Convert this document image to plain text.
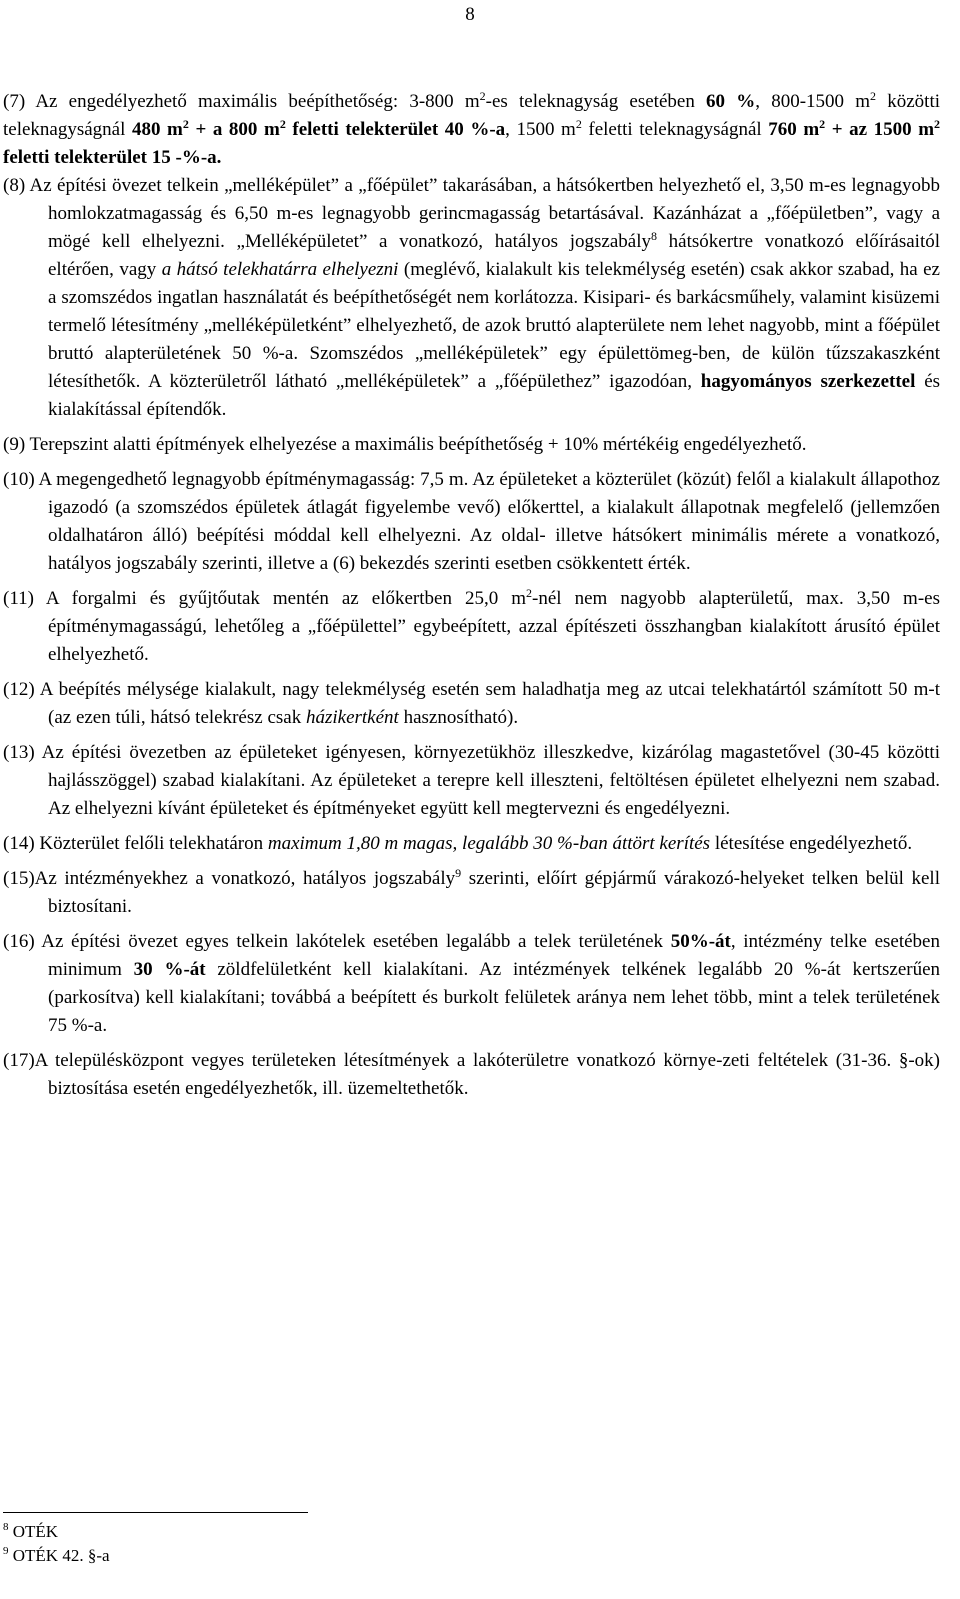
8

(7) Az engedélyezhető maximális beépíthetőség: 3-800 $m^2-es$ teleknagyság esetében 60 %, 800-1500 $m^2$ közötti teleknagyságnál 480 $m^2 + a$ 800 $m^2$ feletti telekterület 40 %-a, 1500 $m^2$ feletti teleknagyságnál 760 $m^2$ + az 1500 $m^2$ feletti telekterület 15 -%-a.

(8) Az építési övezet telkein „melléképület” a „főépület” takarásában, a hátsókertben helyezhető el, 3,50 m-es legnagyobb homlokzatmagasság és 6,50 m-es legnagyobb gerincmagasság betartásával. Kazánházat a „főépületben”, vagy a mögé kell elhelyezni. „Melléképületet” a vonatkozó, hatályos jogszabály$^8$ hátsókertre vonatkozó előírásaitól eltérően, vagy a hátsó telekhatárra elhelyezni (meglévő, kialakult kis telekmélység esetén) csak akkor szabad, ha ez a szomszédos ingatlan használatát és beépíthetőségét nem korlátozza. Kisipari- és barkácsműhely, valamint kisüzemi termelő létesítmény „melléképületként” elhelyezhető, de azok bruttó alapterülete nem lehet nagyobb, mint a főépület bruttó alapterületének 50 %-a. Szomszédos „melléképületek” egy épülettömeg-ben, de külön tűzszakaszként létesíthetők. A közterületről látható „melléképületek” a „főépülethez” igazodóan, hagyományos szerkezettel és kialakítással építendők.

(9) Terepszint alatti építmények elhelyezése a maximális beépíthetőség + 10% mértékéig engedélyezhető.

(10) A megengedhető legnagyobb építménymagasság: 7,5 m. Az épületeket a közterület (közút) felől a kialakult állapothoz igazodó (a szomszédos épületek átlagát figyelembe vevő) előkerttel, a kialakult állapotnak megfelelő (jellemzően oldalhatáron álló) beépítési móddal kell elhelyezni. Az oldal- illetve hátsókert minimális mérete a vonatkozó, hatályos jogszabály szerinti, illetve a (6) bekezdés szerinti esetben csökkentett érték.

(11) A forgalmi és gyűjtőutak mentén az előkertben 25,0 $m^2$-nél nem nagyobb alapterületű, max. 3,50 m-es építménymagasságú, lehetőleg a „főépülettel” egybeépített, azzal építészeti összhangban kialakított árusító épület elhelyezhető.

(12) A beépítés mélysége kialakult, nagy telekmélység esetén sem haladhatja meg az utcai telekhatártól számított 50 m-t (az ezen túli, hátsó telekrész csak házikertként hasznosítható).

(13) Az építési övezetben az épületeket igényesen, környezetükhöz illeszkedve, kizárólag magastetővel (30-45 közötti hajlásszöggel) szabad kialakítani. Az épületeket a terepre kell illeszteni, feltöltésen épületet elhelyezni nem szabad. Az elhelyezni kívánt épületeket és építményeket együtt kell megtervezni és engedélyezni.

(14) Közterület felőli telekhatáron maximum 1,80 m magas, legalább 30 %-ban áttört kerítés létesítése engedélyezhető.

(15)Az intézményekhez a vonatkozó, hatályos jogszabály$^9$ szerinti, előírt gépjármű várakozó-helyeket telken belül kell biztosítani.

(16) Az építési övezet egyes telkein lakótelek esetében legalább a telek területének 50%-át, intézmény telke esetében minimum 30 %-át zöldfelületként kell kialakítani. Az intézmények telkének legalább 20 %-át kertszerűen (parkosítva) kell kialakítani; továbbá a beépített és burkolt felületek aránya nem lehet több, mint a telek területének 75 %-a.

(17)A településközpont vegyes területeken létesítmények a lakóterületre vonatkozó környe-zeti feltételek (31-36. §-ok) biztosítása esetén engedélyezhetők, ill. üzemeltethetők.

$^8$ OTÉK
$^9$ OTÉK 42. §-a
